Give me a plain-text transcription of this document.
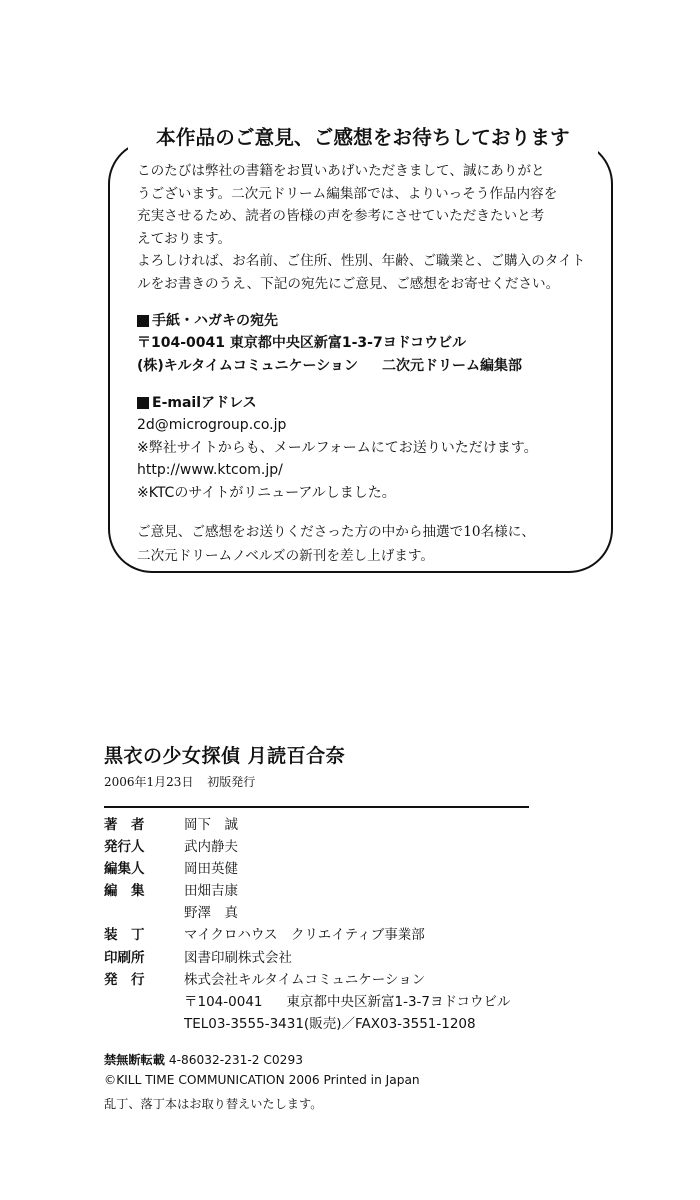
本作品のご意見、ご感想をお待ちしております

このたびは弊社の書籍をお買いあげいただきまして、誠にありがと

うございます。二次元ドリーム編集部では、よりいっそう作品内容を

充実させるため、読者の皆様の声を参考にさせていただきたいと考

えております。

よろしければ、お名前、ご住所、性別、年齢、ご職業と、ご購入のタイト

ルをお書きのうえ、下記の宛先にご意見、ご感想をお寄せください。

手紙・ハガキの宛先
〒104-0041 東京都中央区新富1-3-7ヨドコウビル
(株)キルタイムコミュニケーション 二次元ドリーム編集部
E-mailアドレス
2d@microgroup.co.jp
※弊社サイトからも、メールフォームにてお送りいただけます。
http://www.ktcom.jp/
※KTCのサイトがリニューアルしました。

ご意見、ご感想をお送りくださった方の中から抽選で10名様に、

二次元ドリームノベルズの新刊を差し上げます。

黒衣の少女探偵 月読百合奈
2006年1月23日 初版発行
著　者	岡下　誠
発行人	武内静夫
編集人	岡田英健
編　集	田畑吉康
野澤　真
装　丁	マイクロハウス　クリエイティブ事業部
印刷所	図書印刷株式会社
発　行	株式会社キルタイムコミュニケーション
〒104-0041 東京都中央区新富1-3-7ヨドコウビル
TEL03-3555-3431(販売)／FAX03-3551-1208
禁無断転載 4-86032-231-2 C0293
©KILL TIME COMMUNICATION 2006 Printed in Japan
乱丁、落丁本はお取り替えいたします。
